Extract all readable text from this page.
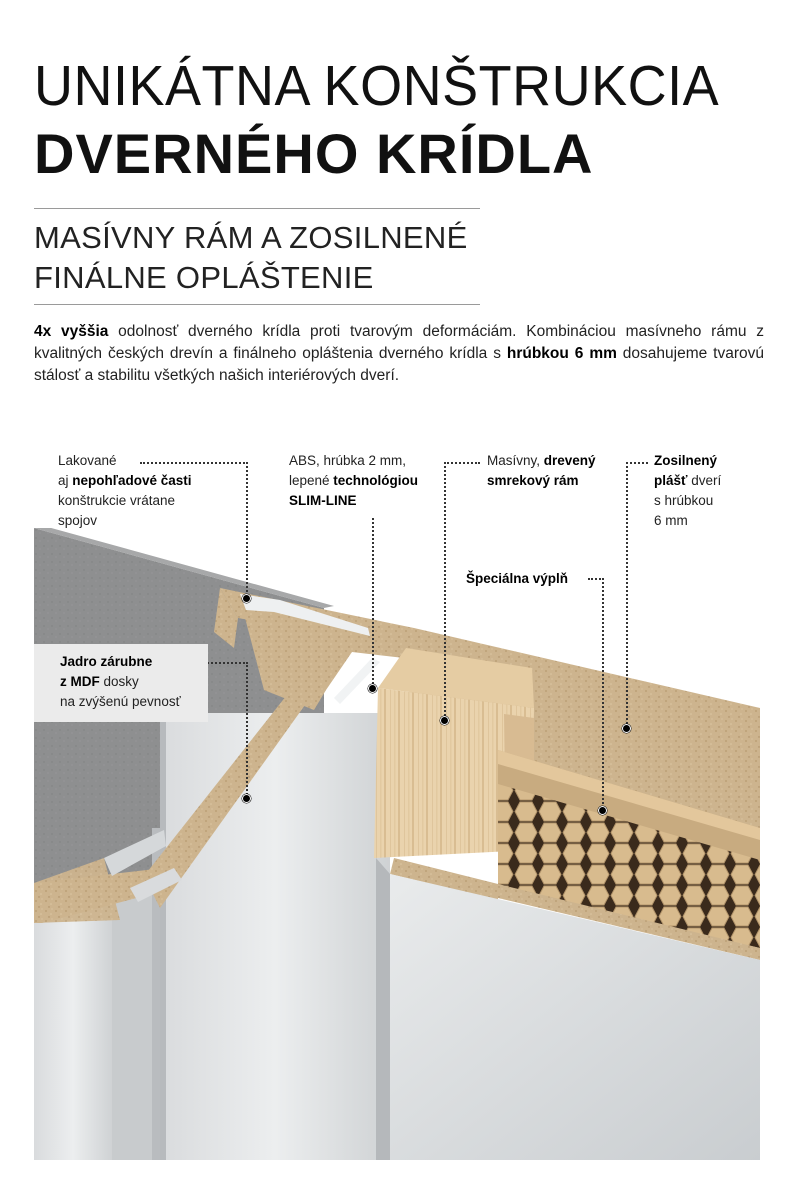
UNIKÁTNA KONŠTRUKCIA
DVERNÉHO KRÍDLA
MASÍVNY RÁM A ZOSILNENÉ
FINÁLNE OPLÁŠTENIE

4x vyššia odolnosť dverného krídla proti tvarovým deformáciám. Kombináciou masívneho rámu z kvalitných českých drevín a finálneho opláštenia dverného krídla s hrúbkou 6 mm dosahujeme tvarovú stálosť a stabilitu všetkých našich interiérových dverí.

Lakované
aj nepohľadové časti
konštrukcie vrátane
spojov
ABS, hrúbka 2 mm,
lepené technológiou
SLIM-LINE
Masívny, drevený
smrekový rám
Zosilnený
plášť dverí
s hrúbkou
6 mm
Špeciálna výplň
Jadro zárubne
z MDF dosky
na zvýšenú pevnosť
